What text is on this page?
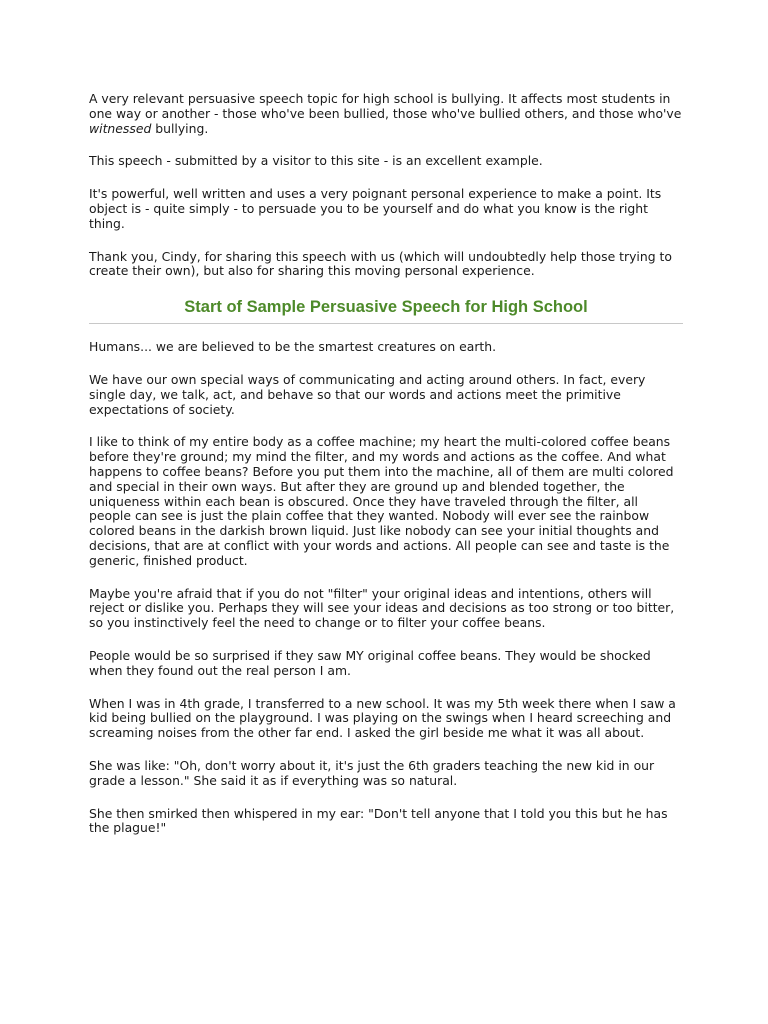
A very relevant persuasive speech topic for high school is bullying. It affects most students in one way or another - those who've been bullied, those who've bullied others, and those who've witnessed bullying.

This speech - submitted by a visitor to this site - is an excellent example.

It's powerful, well written and uses a very poignant personal experience to make a point. Its object is - quite simply - to persuade you to be yourself and do what you know is the right thing.

Thank you, Cindy, for sharing this speech with us (which will undoubtedly help those trying to create their own), but also for sharing this moving personal experience.

Start of Sample Persuasive Speech for High School

Humans... we are believed to be the smartest creatures on earth.

We have our own special ways of communicating and acting around others. In fact, every single day, we talk, act, and behave so that our words and actions meet the primitive expectations of society.

I like to think of my entire body as a coffee machine; my heart the multi-colored coffee beans before they're ground; my mind the filter, and my words and actions as the coffee. And what happens to coffee beans? Before you put them into the machine, all of them are multi colored and special in their own ways. But after they are ground up and blended together, the uniqueness within each bean is obscured. Once they have traveled through the filter, all people can see is just the plain coffee that they wanted. Nobody will ever see the rainbow colored beans in the darkish brown liquid. Just like nobody can see your initial thoughts and decisions, that are at conflict with your words and actions. All people can see and taste is the generic, finished product.

Maybe you're afraid that if you do not "filter" your original ideas and intentions, others will reject or dislike you. Perhaps they will see your ideas and decisions as too strong or too bitter, so you instinctively feel the need to change or to filter your coffee beans.

People would be so surprised if they saw MY original coffee beans. They would be shocked when they found out the real person I am.

When I was in 4th grade, I transferred to a new school. It was my 5th week there when I saw a kid being bullied on the playground. I was playing on the swings when I heard screeching and screaming noises from the other far end. I asked the girl beside me what it was all about.

She was like: "Oh, don't worry about it, it's just the 6th graders teaching the new kid in our grade a lesson." She said it as if everything was so natural.

She then smirked then whispered in my ear: "Don't tell anyone that I told you this but he has the plague!"
